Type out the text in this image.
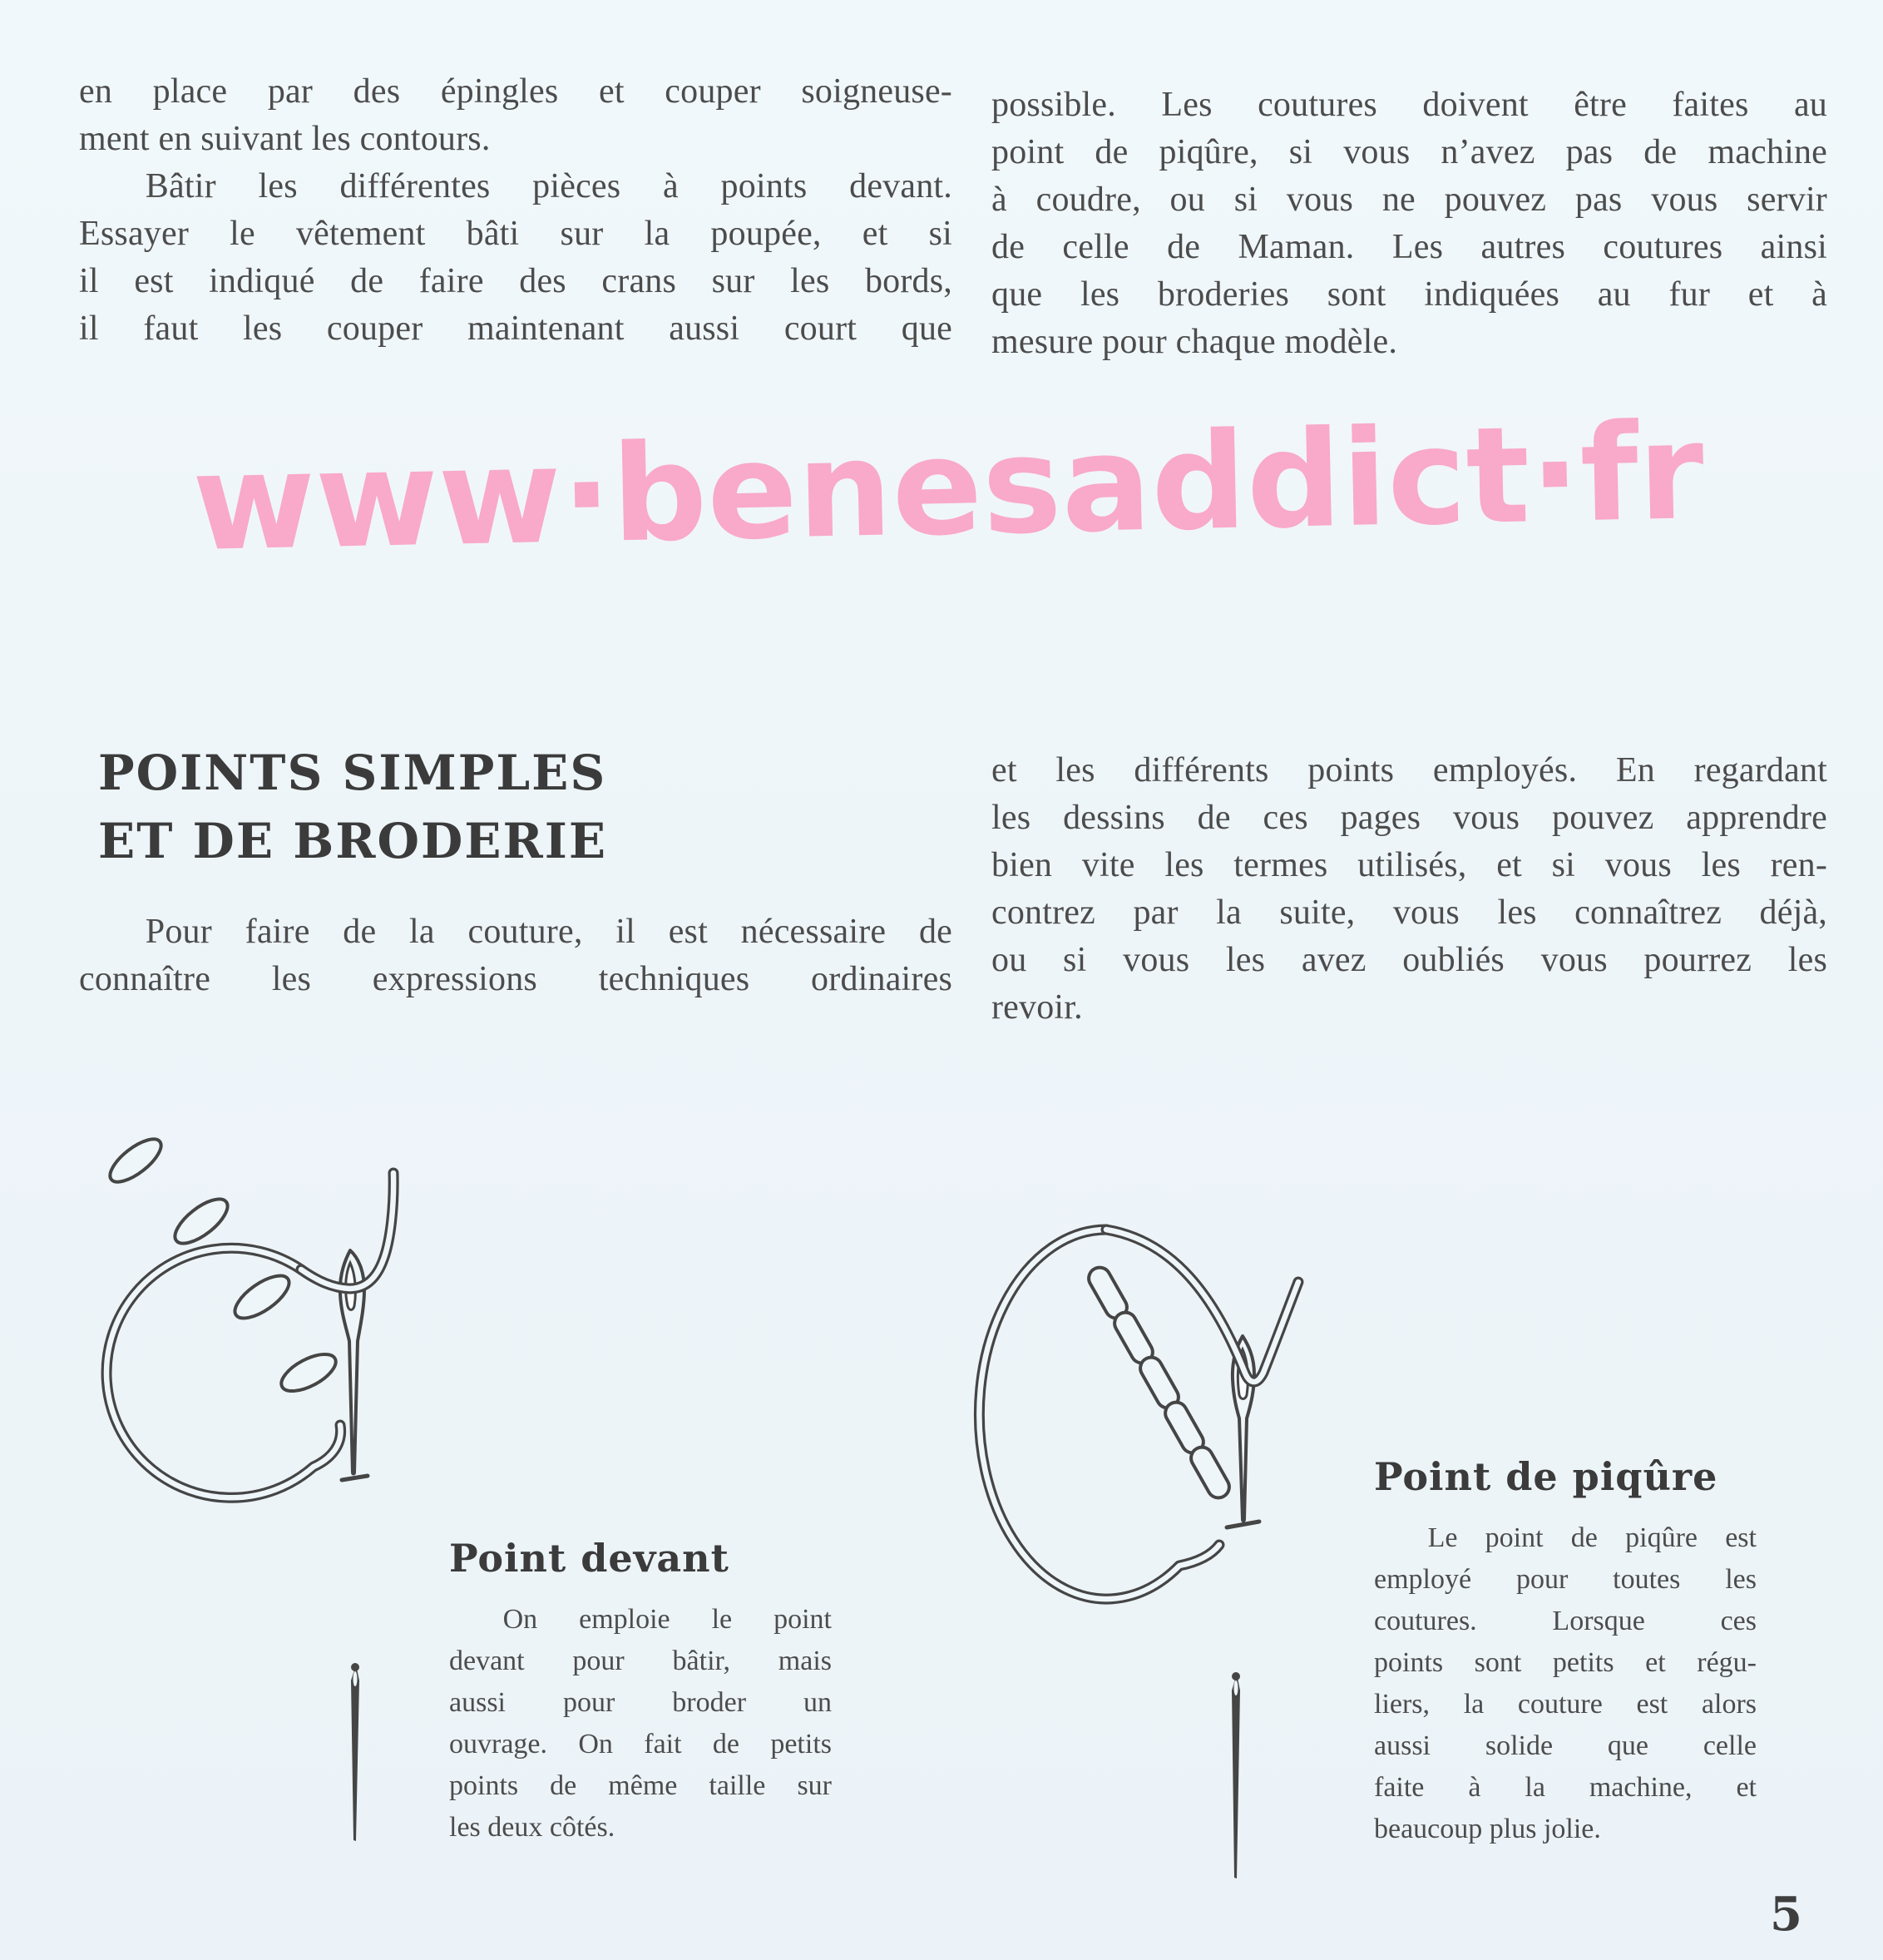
en place par des épingles et couper soigneuse-
ment en suivant les contours.
Bâtir les différentes pièces à points devant.
Essayer le vêtement bâti sur la poupée, et si
il est indiqué de faire des crans sur les bords,
il faut les couper maintenant aussi court que
possible. Les coutures doivent être faites au
point de piqûre, si vous n’avez pas de machine
à coudre, ou si vous ne pouvez pas vous servir
de celle de Maman. Les autres coutures ainsi
que les broderies sont indiquées au fur et à
mesure pour chaque modèle.
www·benesaddict·fr
POINTS SIMPLES
ET DE BRODERIE
Pour faire de la couture, il est nécessaire de
connaître les expressions techniques ordinaires
et les différents points employés. En regardant
les dessins de ces pages vous pouvez apprendre
bien vite les termes utilisés, et si vous les ren-
contrez par la suite, vous les connaîtrez déjà,
ou si vous les avez oubliés vous pourrez les
revoir.
Point devant
On emploie le point
devant pour bâtir, mais
aussi pour broder un
ouvrage. On fait de petits
points de même taille sur
les deux côtés.
Point de piqûre
Le point de piqûre est
employé pour toutes les
coutures. Lorsque ces
points sont petits et régu-
liers, la couture est alors
aussi solide que celle
faite à la machine, et
beaucoup plus jolie.
5
